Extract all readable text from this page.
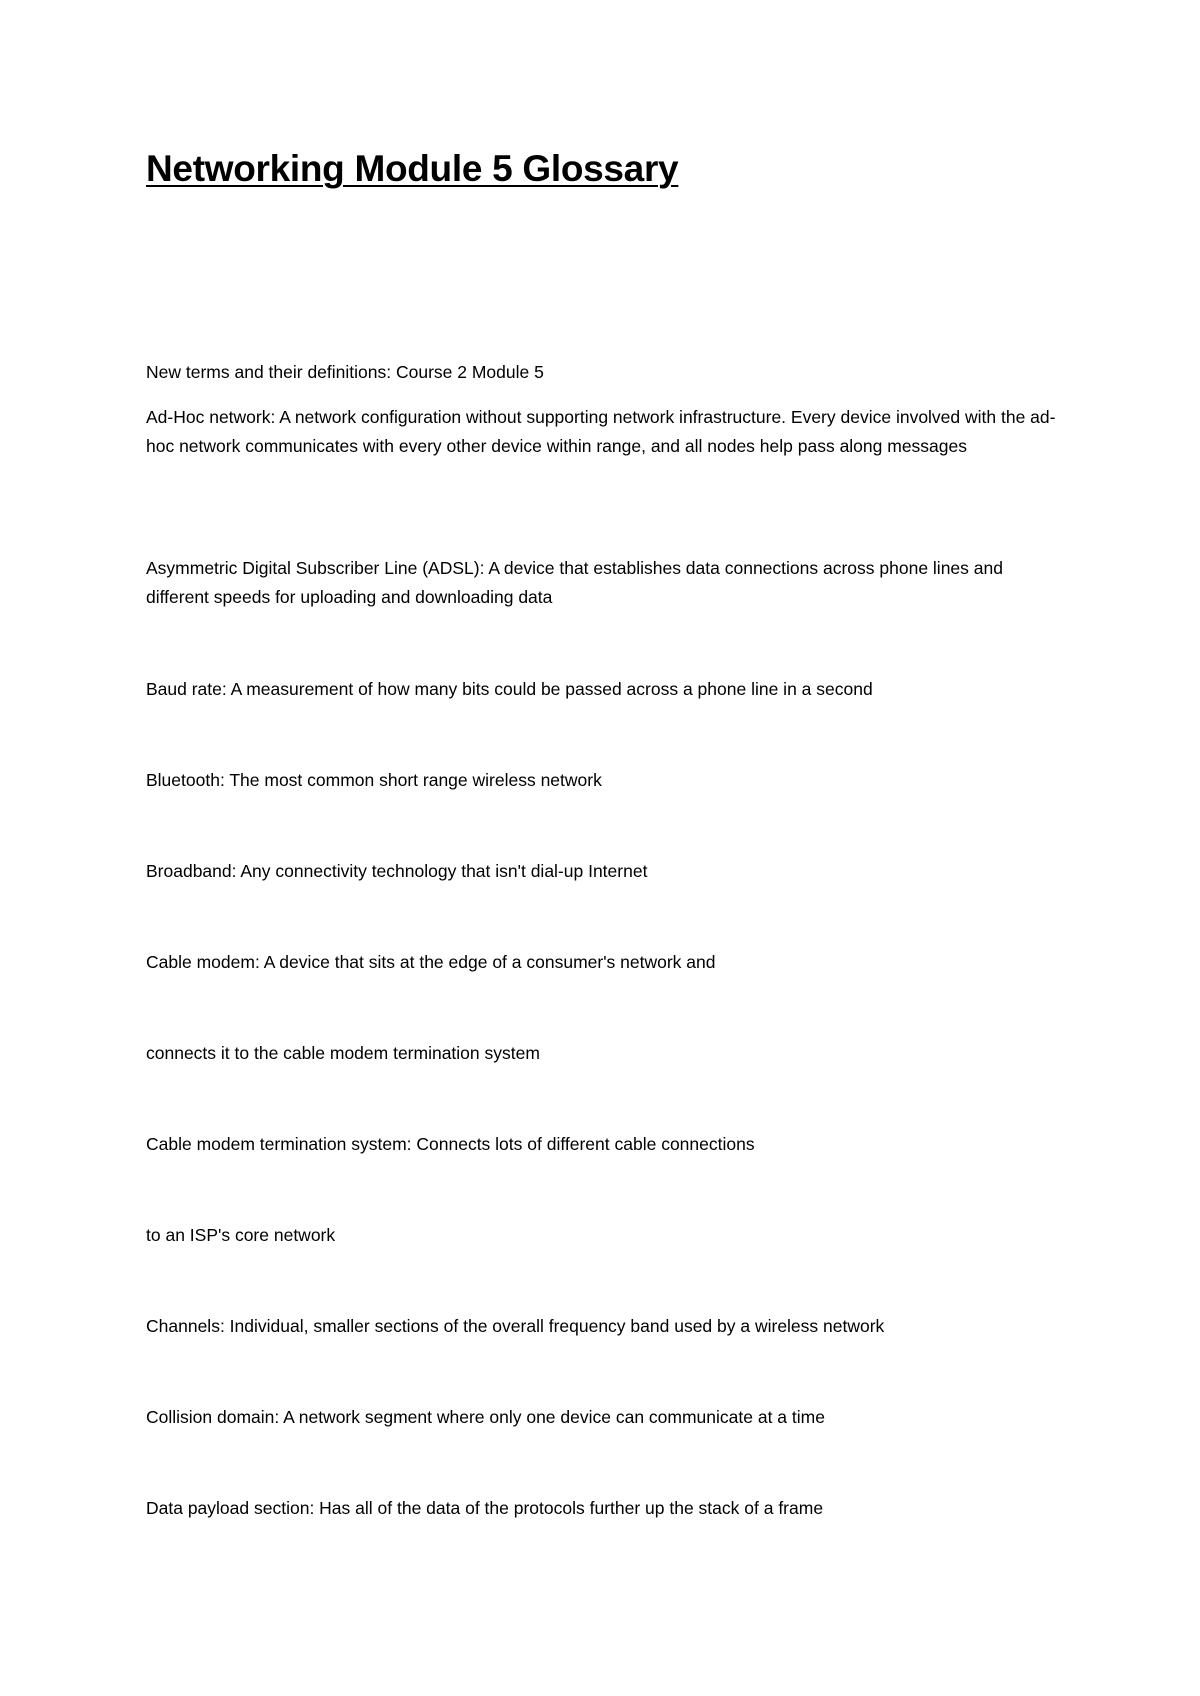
Networking Module 5 Glossary

New terms and their definitions: Course 2 Module 5

Ad-Hoc network: A network configuration without supporting network infrastructure. Every device involved with the ad-hoc network communicates with every other device within range, and all nodes help pass along messages

Asymmetric Digital Subscriber Line (ADSL): A device that establishes data connections across phone lines and different speeds for uploading and downloading data

Baud rate: A measurement of how many bits could be passed across a phone line in a second

Bluetooth: The most common short range wireless network

Broadband: Any connectivity technology that isn't dial-up Internet

Cable modem: A device that sits at the edge of a consumer's network and

connects it to the cable modem termination system

Cable modem termination system: Connects lots of different cable connections

to an ISP's core network

Channels: Individual, smaller sections of the overall frequency band used by a wireless network

Collision domain: A network segment where only one device can communicate at a time

Data payload section: Has all of the data of the protocols further up the stack of a frame
